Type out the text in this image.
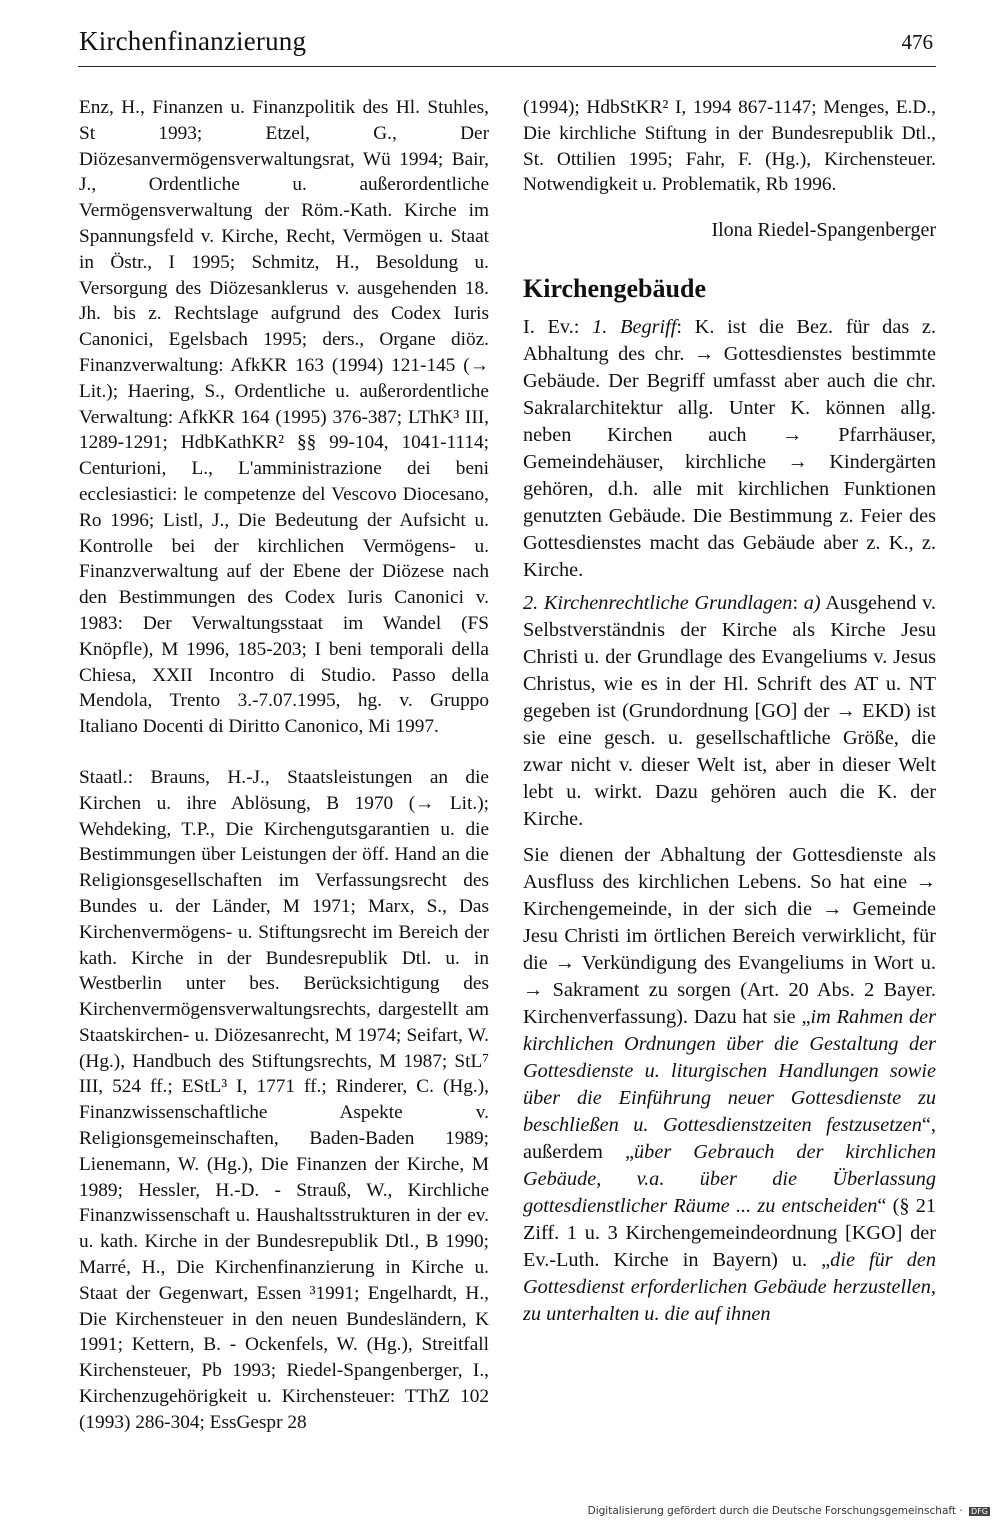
Kirchenfinanzierung	476

Enz, H., Finanzen u. Finanzpolitik des Hl. Stuhles, St 1993; Etzel, G., Der Diözesanvermögensverwaltungsrat, Wü 1994; Bair, J., Ordentliche u. außerordentliche Vermögensverwaltung der Röm.-Kath. Kirche im Spannungsfeld v. Kirche, Recht, Vermögen u. Staat in Östr., I 1995; Schmitz, H., Besoldung u. Versorgung des Diözesanklerus v. ausgehenden 18. Jh. bis z. Rechtslage aufgrund des Codex Iuris Canonici, Egelsbach 1995; ders., Organe diöz. Finanzverwaltung: AfkKR 163 (1994) 121-145 (→ Lit.); Haering, S., Ordentliche u. außerordentliche Verwaltung: AfkKR 164 (1995) 376-387; LThK³ III, 1289-1291; HdbKathKR² §§ 99-104, 1041-1114; Centurioni, L., L'amministrazione dei beni ecclesiastici: le competenze del Vescovo Diocesano, Ro 1996; Listl, J., Die Bedeutung der Aufsicht u. Kontrolle bei der kirchlichen Vermögens- u. Finanzverwaltung auf der Ebene der Diözese nach den Bestimmungen des Codex Iuris Canonici v. 1983: Der Verwaltungsstaat im Wandel (FS Knöpfle), M 1996, 185-203; I beni temporali della Chiesa, XXII Incontro di Studio. Passo della Mendola, Trento 3.-7.07.1995, hg. v. Gruppo Italiano Docenti di Diritto Canonico, Mi 1997.

Staatl.: Brauns, H.-J., Staatsleistungen an die Kirchen u. ihre Ablösung, B 1970 (→ Lit.); Wehdeking, T.P., Die Kirchengutsgarantien u. die Bestimmungen über Leistungen der öff. Hand an die Religionsgesellschaften im Verfassungsrecht des Bundes u. der Länder, M 1971; Marx, S., Das Kirchenvermögens- u. Stiftungsrecht im Bereich der kath. Kirche in der Bundesrepublik Dtl. u. in Westberlin unter bes. Berücksichtigung des Kirchenvermögensverwaltungsrechts, dargestellt am Staatskirchen- u. Diözesanrecht, M 1974; Seifart, W. (Hg.), Handbuch des Stiftungsrechts, M 1987; StL⁷ III, 524 ff.; EStL³ I, 1771 ff.; Rinderer, C. (Hg.), Finanzwissenschaftliche Aspekte v. Religionsgemeinschaften, Baden-Baden 1989; Lienemann, W. (Hg.), Die Finanzen der Kirche, M 1989; Hessler, H.-D. - Strauß, W., Kirchliche Finanzwissenschaft u. Haushaltsstrukturen in der ev. u. kath. Kirche in der Bundesrepublik Dtl., B 1990; Marré, H., Die Kirchenfinanzierung in Kirche u. Staat der Gegenwart, Essen ³1991; Engelhardt, H., Die Kirchensteuer in den neuen Bundesländern, K 1991; Kettern, B. - Ockenfels, W. (Hg.), Streitfall Kirchensteuer, Pb 1993; Riedel-Spangenberger, I., Kirchenzugehörigkeit u. Kirchensteuer: TThZ 102 (1993) 286-304; EssGespr 28

(1994); HdbStKR² I, 1994 867-1147; Menges, E.D., Die kirchliche Stiftung in der Bundesrepublik Dtl., St. Ottilien 1995; Fahr, F. (Hg.), Kirchensteuer. Notwendigkeit u. Problematik, Rb 1996.

Ilona Riedel-Spangenberger

Kirchengebäude

I. Ev.: 1. Begriff: K. ist die Bez. für das z. Abhaltung des chr. → Gottesdienstes bestimmte Gebäude. Der Begriff umfasst aber auch die chr. Sakralarchitektur allg. Unter K. können allg. neben Kirchen auch → Pfarrhäuser, Gemeindehäuser, kirchliche → Kindergärten gehören, d.h. alle mit kirchlichen Funktionen genutzten Gebäude. Die Bestimmung z. Feier des Gottesdienstes macht das Gebäude aber z. K., z. Kirche.

2. Kirchenrechtliche Grundlagen: a) Ausgehend v. Selbstverständnis der Kirche als Kirche Jesu Christi u. der Grundlage des Evangeliums v. Jesus Christus, wie es in der Hl. Schrift des AT u. NT gegeben ist (Grundordnung [GO] der → EKD) ist sie eine gesch. u. gesellschaftliche Größe, die zwar nicht v. dieser Welt ist, aber in dieser Welt lebt u. wirkt. Dazu gehören auch die K. der Kirche.

Sie dienen der Abhaltung der Gottesdienste als Ausfluss des kirchlichen Lebens. So hat eine → Kirchengemeinde, in der sich die → Gemeinde Jesu Christi im örtlichen Bereich verwirklicht, für die → Verkündigung des Evangeliums in Wort u. → Sakrament zu sorgen (Art. 20 Abs. 2 Bayer. Kirchenverfassung). Dazu hat sie „im Rahmen der kirchlichen Ordnungen über die Gestaltung der Gottesdienste u. liturgischen Handlungen sowie über die Einführung neuer Gottesdienste zu beschließen u. Gottesdienstzeiten festzusetzen“, außerdem „über Gebrauch der kirchlichen Gebäude, v.a. über die Überlassung gottesdienstlicher Räume ... zu entscheiden“ (§ 21 Ziff. 1 u. 3 Kirchengemeindeordnung [KGO] der Ev.-Luth. Kirche in Bayern) u. „die für den Gottesdienst erforderlichen Gebäude herzustellen, zu unterhalten u. die auf ihnen

Digitalisierung gefördert durch die Deutsche Forschungsgemeinschaft · DFG
